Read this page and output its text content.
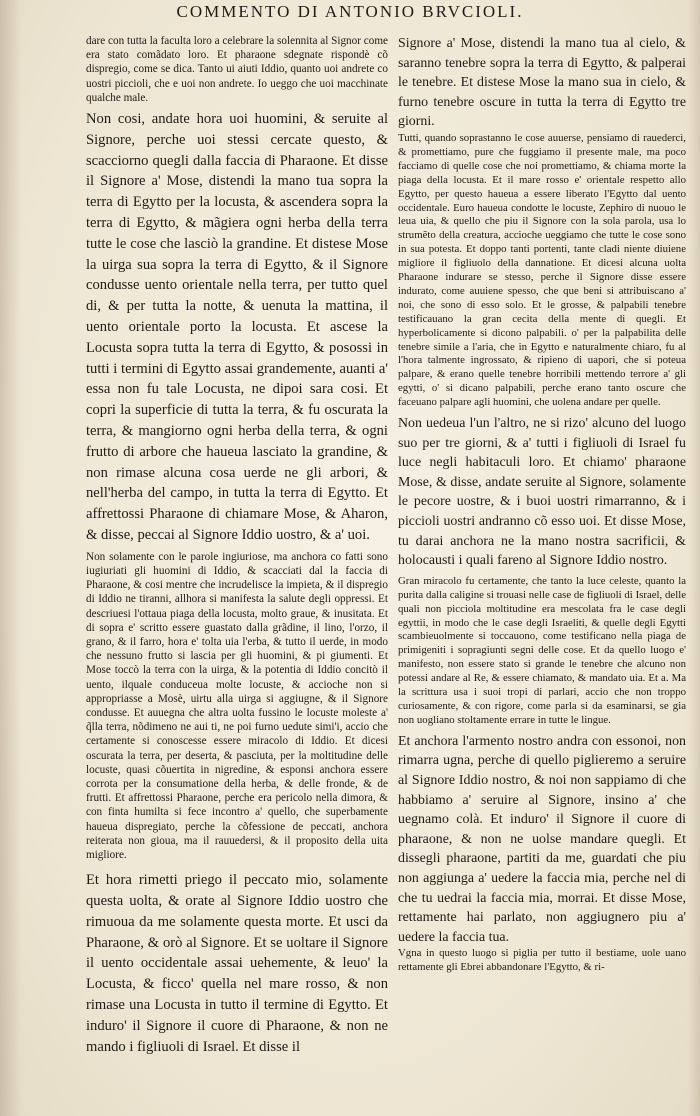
COMMENTO DI ANTONIO BRVCIOLI.

dare con tutta la faculta loro a celebrare la solennita al Signor come era stato comãdato loro. Et pharaone sdegnate rispondè cõ dispregio, come se dica. Tanto ui aiuti Iddio, quanto uoi andrete co uostri piccioli, che e uoi non andrete. Io ueggo che uoi macchinate qualche male.

Non cosi, andate hora uoi huomini, & seruite al Signore, perche uoi stessi cercate questo, & scacciorno quegli dalla faccia di Pharaone. Et disse il Signore a' Mose, distendi la mano tua sopra la terra di Egytto per la locusta, & ascendera sopra la terra di Egytto, & mãgiera ogni herba della terra tutte le cose che lasciò la grandine. Et distese Mose la uirga sua sopra la terra di Egytto, & il Signore condusse uento orientale nella terra, per tutto quel di, & per tutta la notte, & uenuta la mattina, il uento orientale porto la locusta. Et ascese la Locusta sopra tutta la terra di Egytto, & posossi in tutti i termini di Egytto assai grandemente, auanti a' essa non fu tale Locusta, ne dipoi sara cosi. Et copri la superficie di tutta la terra, & fu oscurata la terra, & mangiorno ogni herba della terra, & ogni frutto di arbore che haueua lasciato la grandine, & non rimase alcuna cosa uerde ne gli arbori, & nell'herba del campo, in tutta la terra di Egytto. Et affrettossi Pharaone di chiamare Mose, & Aharon, & disse, peccai al Signore Iddio uostro, & a' uoi.

Non solamente con le parole ingiuriose, ma anchora co fatti sono iugiuriati gli huomini di Iddio, & scacciati dal la faccia di Pharaone, & cosi mentre che incrudelisce la impieta, & il dispregio di Iddio ne tiranni, allhora si manifesta la salute degli oppressi. Et descriuesi l'ottaua piaga della locusta, molto graue, & inusitata. Et di sopra e' scritto essere guastato dalla grãdine, il lino, l'orzo, il grano, & il farro, hora e' tolta uia l'erba, & tutto il uerde, in modo che nessuno frutto si lascia per gli huomini, & pi giumenti. Et Mose toccò la terra con la uirga, & la potentia di Iddio concitò il uento, ilquale conduceua molte locuste, & accioche non si appropriasse a Mosè, uirtu alla uirga si aggiugne, & il Signore condusse. Et auuegna che altra uolta fussino le locuste moleste a' q̃lla terra, nõdimeno ne aui ti, ne poi furno uedute simi'i, accio che certamente si conoscesse essere miracolo di Iddio. Et dicesi oscurata la terra, per deserta, & pasciuta, per la moltitudine delle locuste, quasi cõuertita in nigredine, & esponsi anchora essere corrota per la consumatione della herba, & delle fronde, & de frutti. Et affrettossi Pharaone, perche era pericolo nella dimora, & con finta humilta si fece incontro a' quello, che superbamente haueua dispregiato, perche la cõfessione de peccati, anchora reiterata non gioua, ma il rauuedersi, & il proposito della uita migliore.

Et hora rimetti priego il peccato mio, solamente questa uolta, & orate al Signore Iddio uostro che rimuoua da me solamente questa morte. Et usci da Pharaone, & orò al Signore. Et se uoltare il Signore il uento occidentale assai uehemente, & leuo' la Locusta, & ficco' quella nel mare rosso, & non rimase una Locusta in tutto il termine di Egytto. Et induro' il Signore il cuore di Pharaone, & non ne mando i figliuoli di Israel. Et disse il

Signore a' Mose, distendi la mano tua al cielo, & saranno tenebre sopra la terra di Egytto, & palperai le tenebre. Et distese Mose la mano sua in cielo, & furno tenebre oscure in tutta la terra di Egytto tre giorni.

Tutti, quando soprastanno le cose auuerse, pensiamo di rauedercì, & promettiamo, pure che fuggiamo il presente male, ma poco facciamo di quelle cose che noi promettiamo, & chiama morte la piaga della locusta. Et il mare rosso e' orientale respetto allo Egytto, per questo haueua a essere liberato l'Egytto dal uento occidentale. Euro haueua condotte le locuste, Zephiro di nuouo le leua uia, & quello che piu il Signore con la sola parola, usa lo strumẽto della creatura, accioche ueggiamo che tutte le cose sono in sua potesta. Et doppo tanti portenti, tante cladi niente diuiene migliore il figliuolo della dannatione. Et dicesi alcuna uolta Pharaone indurare se stesso, perche il Signore disse essere indurato, come auuiene spesso, che que beni si attribuiscano a' noi, che sono di esso solo. Et le grosse, & palpabili tenebre testificauano la gran cecita della mente di quegli. Et hyperbolicamente si dicono palpabili. o' per la palpabilita delle tenebre simile a l'aria, che in Egytto e naturalmente chiaro, fu al l'hora talmente ingrossato, & ripieno di uapori, che si poteua palpare, & erano quelle tenebre horribili mettendo terrore a' gli egytti, o' si dicano palpabili, perche erano tanto oscure che faceuano palpare agli huomini, che uolena andare per quelle.

Non uedeua l'un l'altro, ne si rizo' alcuno del luogo suo per tre giorni, & a' tutti i figliuoli di Israel fu luce negli habitaculi loro. Et chiamo' pharaone Mose, & disse, andate seruite al Signore, solamente le pecore uostre, & i buoi uostri rimarranno, & i piccioli uostri andranno cõ esso uoi. Et disse Mose, tu darai anchora ne la mano nostra sacrificii, & holocausti i quali fareno al Signore Iddio nostro.

Gran miracolo fu certamente, che tanto la luce celeste, quanto la purita dalla caligine si trouasi nelle case de figliuoli di Israel, delle quali non picciola moltitudine era mescolata fra le case degli egyttii, in modo che le case degli Israeliti, & quelle degli Egytti scambieuolmente si toccauono, come testificano nella piaga de primigeniti i sopragiunti segni delle cose. Et da quello luogo e' manifesto, non essere stato si grande le tenebre che alcuno non potessi andare al Re, & essere chiamato, & mandato uia. Et a. Ma la scrittura usa i suoi tropi di parlari, accio che non troppo curiosamente, & con rigore, come parla si da esaminarsi, se gia non uogliano stoltamente errare in tutte le lingue.

Et anchora l'armento nostro andra con essonoi, non rimarra ugna, perche di quello piglieremo a seruire al Signore Iddio nostro, & noi non sappiamo di che habbiamo a' seruire al Signore, insino a' che uegnamo colà. Et induro' il Signore il cuore di pharaone, & non ne uolse mandare quegli. Et dissegli pharaone, partiti da me, guardati che piu non aggiunga a' uedere la faccia mia, perche nel di che tu uedrai la faccia mia, morrai. Et disse Mose, rettamente hai parlato, non aggiugnero piu a' uedere la faccia tua.

Vgna in questo luogo si piglia per tutto il bestiame, uole uano rettamente gli Ebrei abbandonare l'Egytto, & ri-
